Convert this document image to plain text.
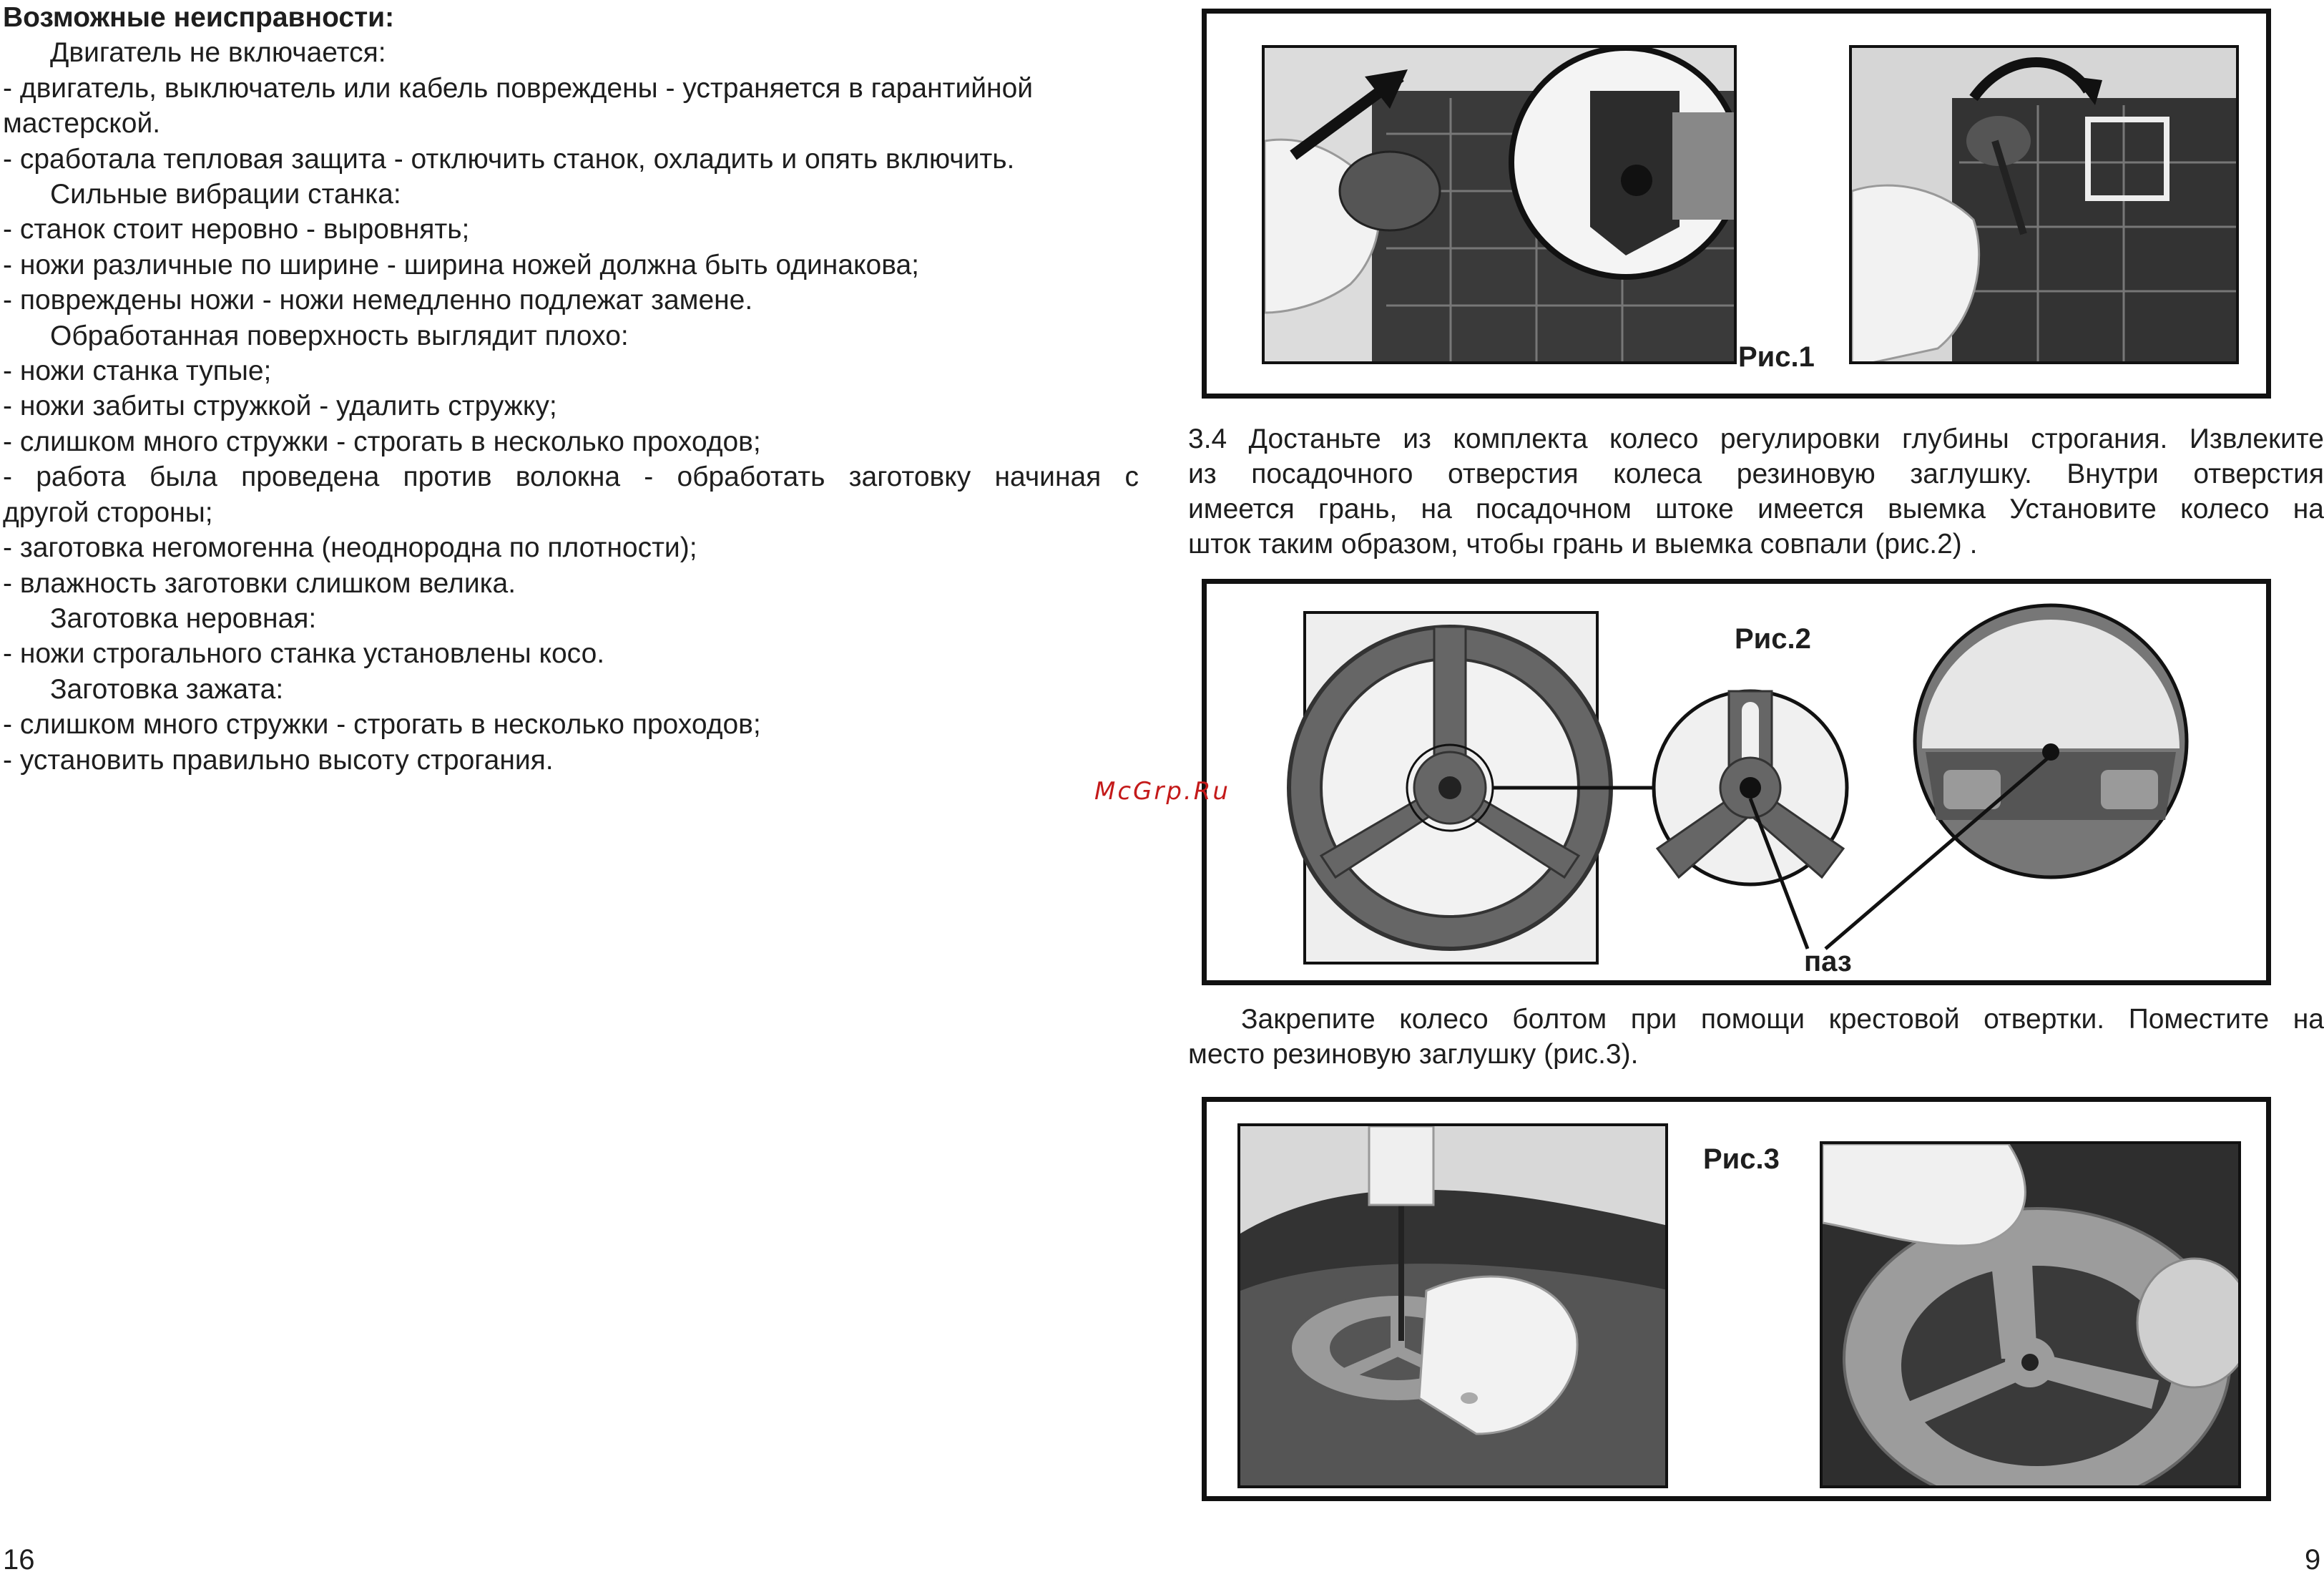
Возможные неисправности:
Двигатель не включается:
- двигатель, выключатель или кабель повреждены - устраняется в гарантийной
мастерской.
- сработала тепловая защита - отключить станок, охладить и опять включить.
Сильные вибрации станка:
- станок стоит неровно - выровнять;
- ножи различные по ширине - ширина ножей должна быть одинакова;
- повреждены ножи - ножи немедленно подлежат замене.
Обработанная поверхность выглядит плохо:
- ножи станка тупые;
- ножи забиты стружкой - удалить стружку;
- слишком много стружки - строгать в несколько проходов;
- работа была проведена против волокна - обработать заготовку начиная с
другой стороны;
- заготовка негомогенна (неоднородна по плотности);
- влажность заготовки слишком велика.
Заготовка неровная:
- ножи строгального станка установлены косо.
Заготовка зажата:
- слишком много стружки - строгать в несколько проходов;
- установить правильно высоту строгания.
Рис.1
3.4 Достаньте из комплекта колесо регулировки глубины строгания. Извлеките
из посадочного отверстия колеса резиновую заглушку. Внутри отверстия
имеется грань, на посадочном штоке имеется выемка Установите колесо на
шток таким образом, чтобы грань и выемка совпали (рис.2) .
Рис.2
паз
Закрепите колесо болтом при помощи крестовой отвертки. Поместите на
место резиновую заглушку (рис.3).
Рис.3
McGrp.Ru
16	9
